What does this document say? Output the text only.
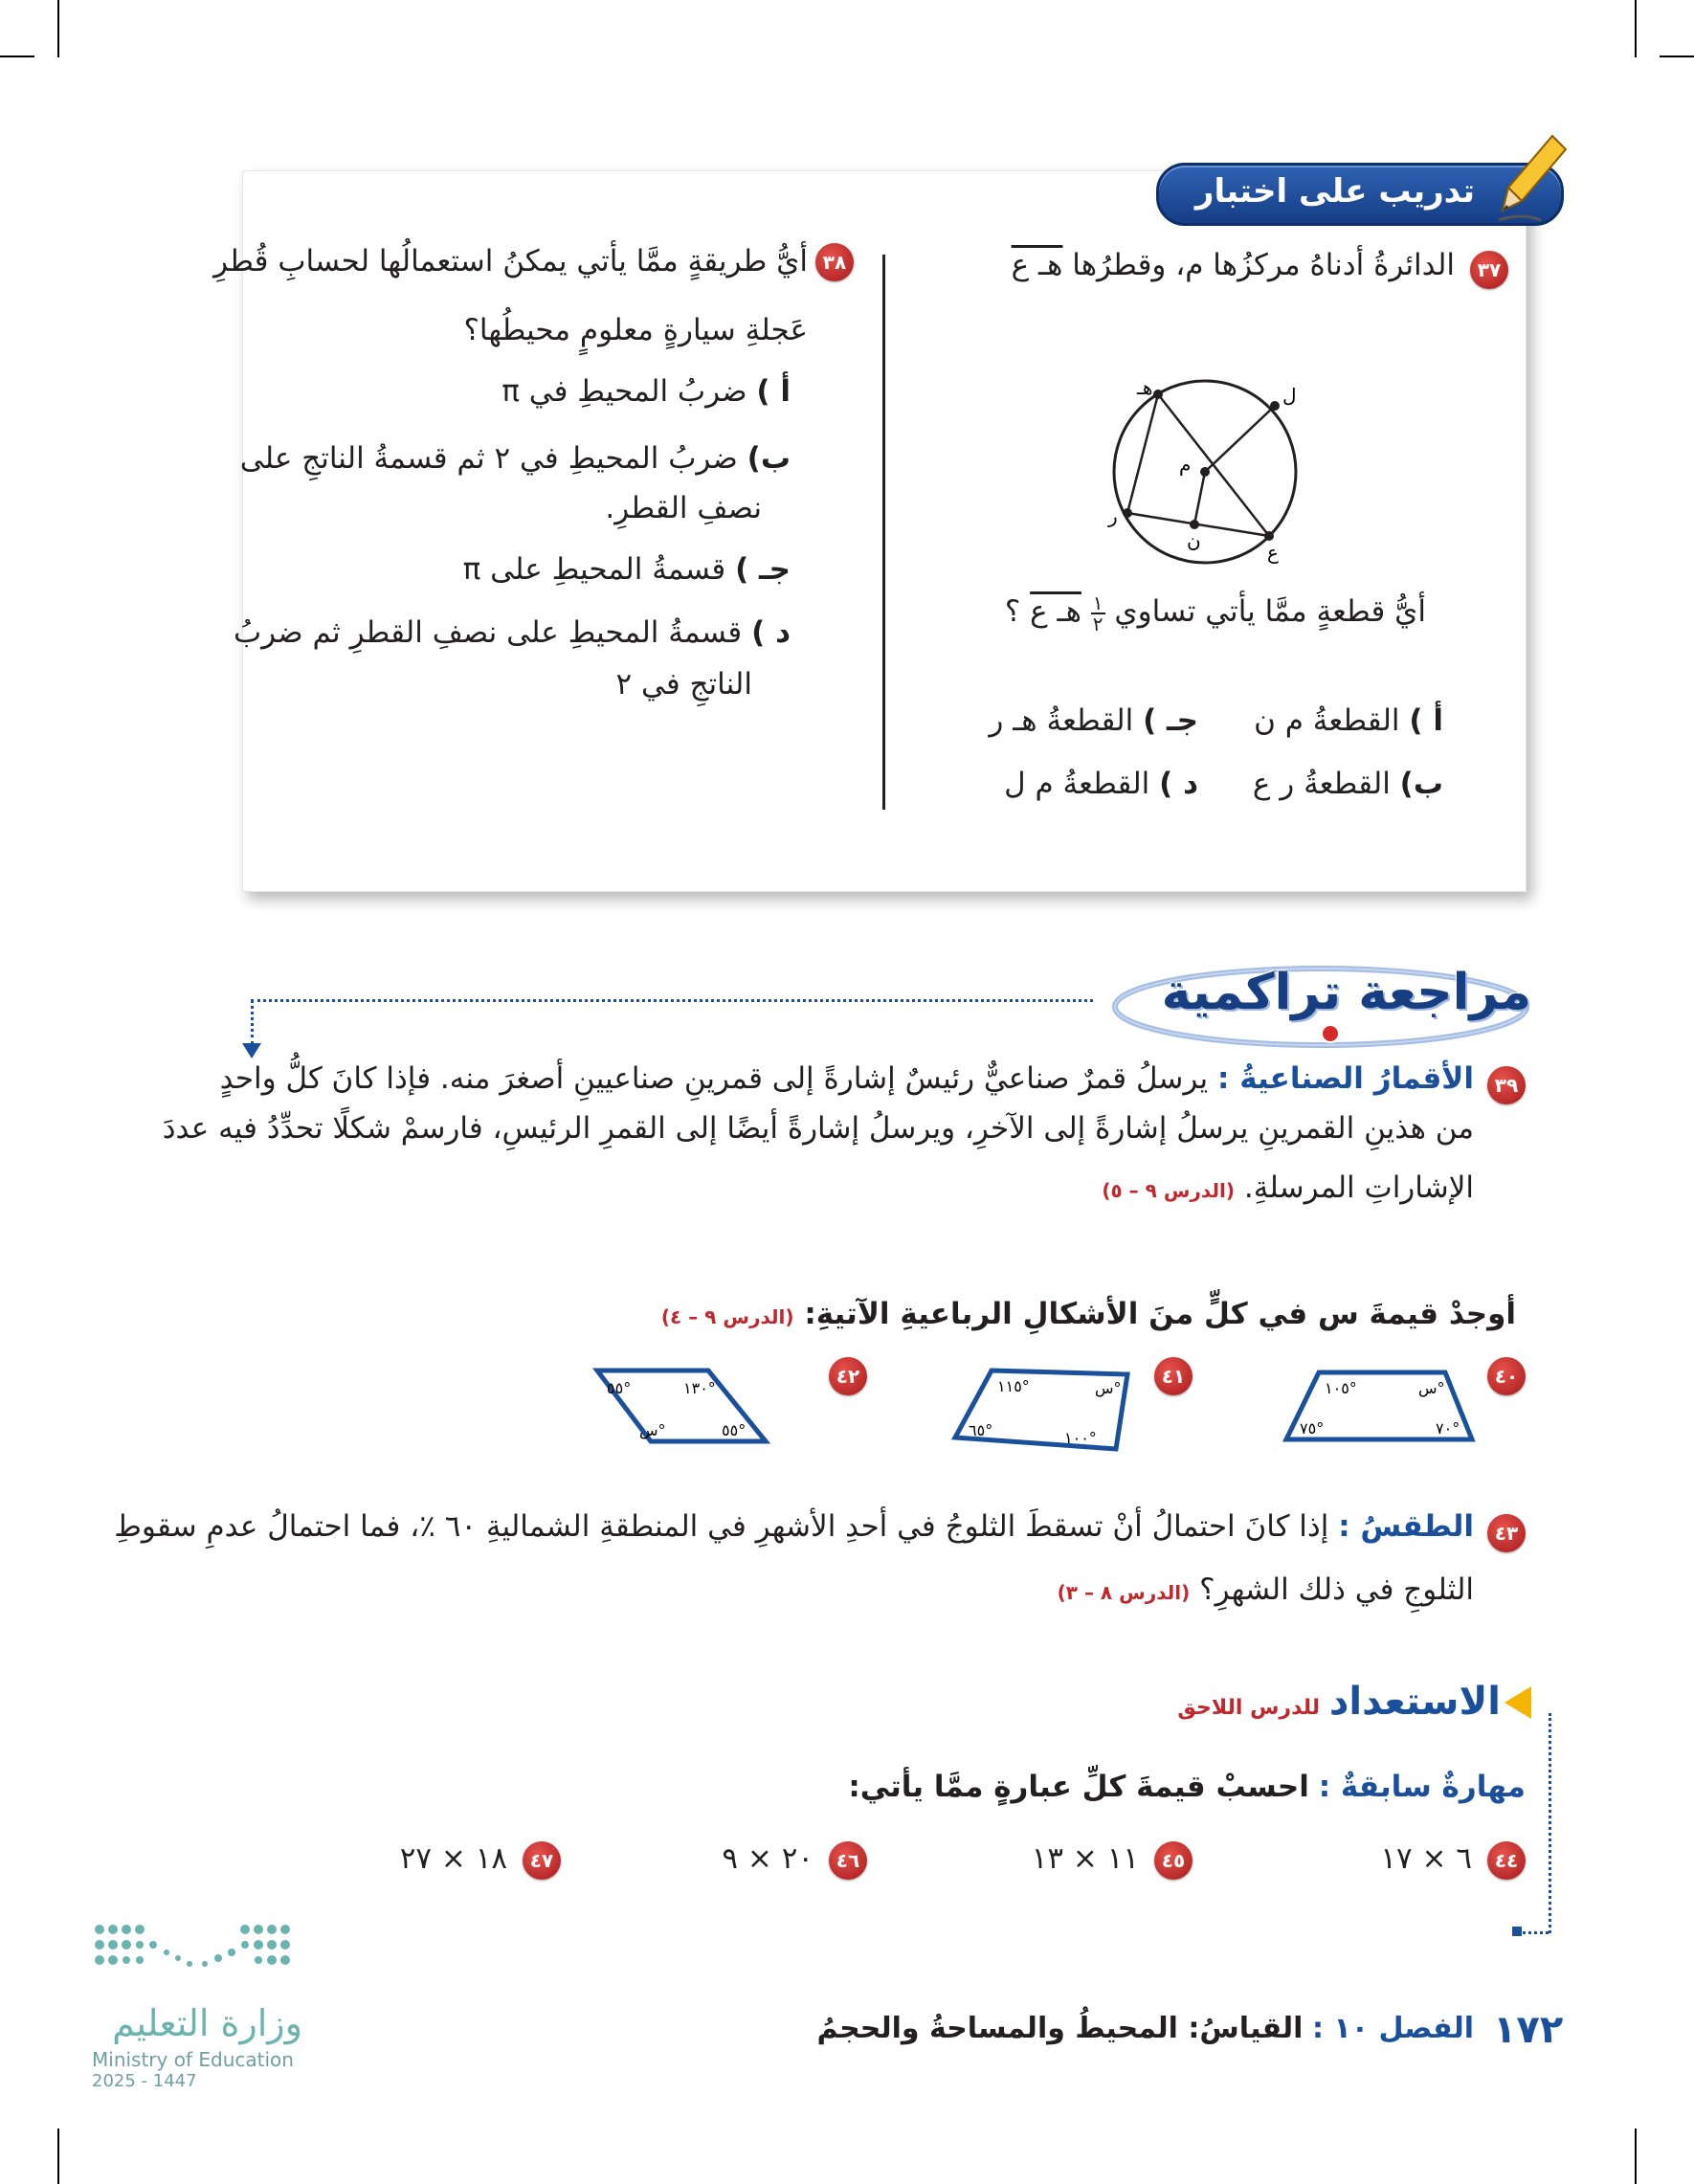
تدريب على اختبار
٣٧
الدائرةُ أدناهُ مركزُها م، وقطرُها هـ ع
هـ	ل
م
ر
ن	ع
أيُّ قطعةٍ ممَّا يأتي تساوي
١
٢
هـ ع ؟
أ ) القطعةُ م ن
ب) القطعةُ ر ع
جـ ) القطعةُ هـ ر
د ) القطعةُ م ل
٣٨
أيُّ طريقةٍ ممَّا يأتي يمكنُ استعمالُها لحسابِ قُطرِ
عَجلةِ سيارةٍ معلومٍ محيطُها؟
أ ) ضربُ المحيطِ في π
ب) ضربُ المحيطِ في ٢ ثم قسمةُ الناتجِ على
نصفِ القطرِ.
جـ ) قسمةُ المحيطِ على π
د ) قسمةُ المحيطِ على نصفِ القطرِ ثم ضربُ
الناتجِ في ٢
مراجعة تراكمية
٣٩
الأقمارُ الصناعيةُ : يرسلُ قمرٌ صناعيٌّ رئيسٌ إشارةً إلى قمرينِ صناعيينِ أصغرَ منه. فإذا كانَ كلُّ واحدٍ
من هذينِ القمرينِ يرسلُ إشارةً إلى الآخرِ، ويرسلُ إشارةً أيضًا إلى القمرِ الرئيسِ، فارسمْ شكلًا تحدِّدُ فيه عددَ
الإشاراتِ المرسلةِ. (الدرس ٩ – ٥)
أوجدْ قيمةَ س في كلٍّ منَ الأشكالِ الرباعيةِ الآتيةِ: (الدرس ٩ – ٤)
٤٠
س°
١٠٥°
٧٠°
٧٥°
٤١
س°
١١٥°
١٠٠°
٦٥°
٤٢
١٣٠°
٥٥°
٥٥°
س°
٤٣
الطقسُ : إذا كانَ احتمالُ أنْ تسقطَ الثلوجُ في أحدِ الأشهرِ في المنطقةِ الشماليةِ ٦٠ ٪، فما احتمالُ عدمِ سقوطِ
الثلوجِ في ذلك الشهرِ؟ (الدرس ٨ – ٣)
الاستعداد للدرس اللاحق
مهارةٌ سابقةٌ : احسبْ قيمةَ كلِّ عبارةٍ ممَّا يأتي:
٤٤
٦ × ١٧
٤٥
١١ × ١٣
٤٦
٢٠ × ٩
٤٧
١٨ × ٢٧
وزارة التعليم
Ministry of Education
2025 - 1447
١٧٢
الفصل ١٠ : القياسُ: المحيطُ والمساحةُ والحجمُ
